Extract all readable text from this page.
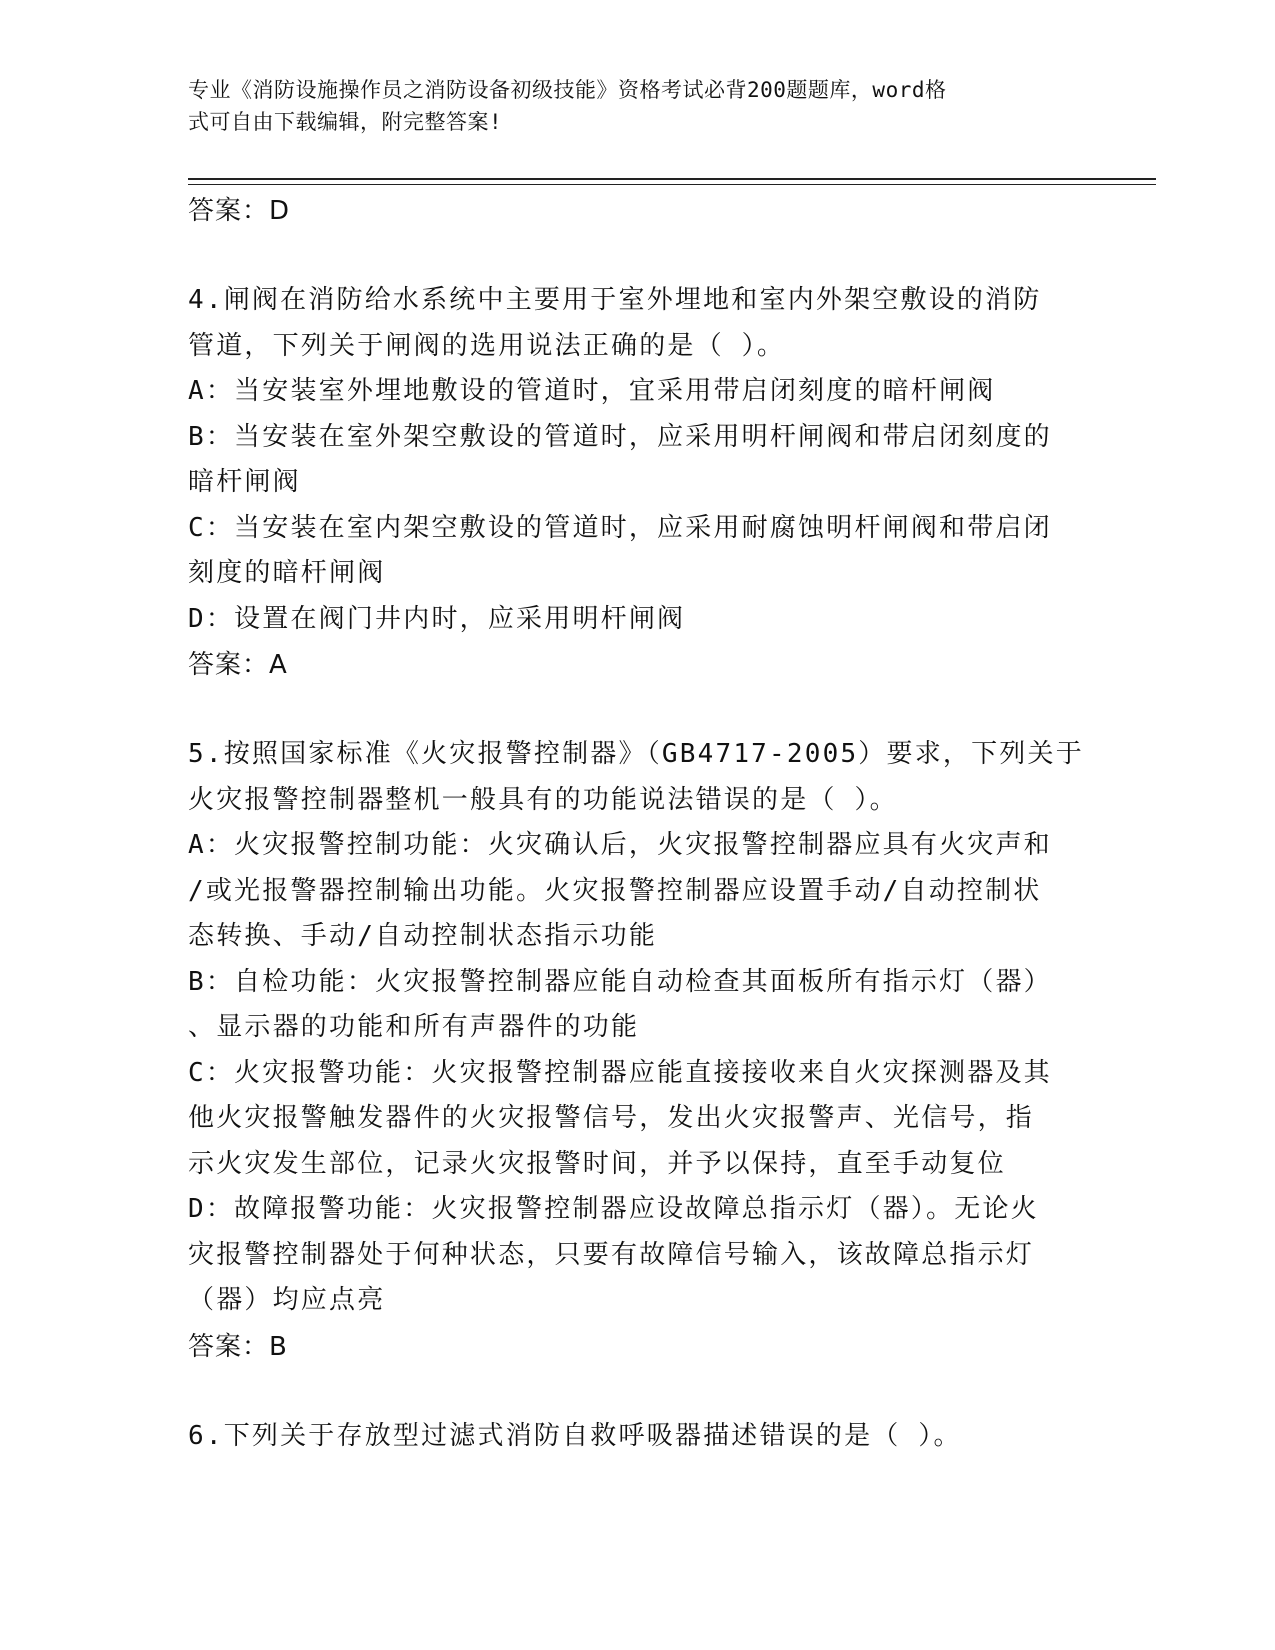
专业《消防设施操作员之消防设备初级技能》资格考试必背200题题库，word格
式可自由下载编辑，附完整答案!
答案：D

4.闸阀在消防给水系统中主要用于室外埋地和室内外架空敷设的消防

管道，下列关于闸阀的选用说法正确的是（ ）。

A：当安装室外埋地敷设的管道时，宜采用带启闭刻度的暗杆闸阀

B：当安装在室外架空敷设的管道时，应采用明杆闸阀和带启闭刻度的

暗杆闸阀

C：当安装在室内架空敷设的管道时，应采用耐腐蚀明杆闸阀和带启闭

刻度的暗杆闸阀

D：设置在阀门井内时，应采用明杆闸阀

答案：A

5.按照国家标准《火灾报警控制器》（GB4717-2005）要求，下列关于

火灾报警控制器整机一般具有的功能说法错误的是（ ）。

A：火灾报警控制功能：火灾确认后，火灾报警控制器应具有火灾声和

/或光报警器控制输出功能。火灾报警控制器应设置手动/自动控制状

态转换、手动/自动控制状态指示功能

B：自检功能：火灾报警控制器应能自动检查其面板所有指示灯（器）

、显示器的功能和所有声器件的功能

C：火灾报警功能：火灾报警控制器应能直接接收来自火灾探测器及其

他火灾报警触发器件的火灾报警信号，发出火灾报警声、光信号，指

示火灾发生部位，记录火灾报警时间，并予以保持，直至手动复位

D：故障报警功能：火灾报警控制器应设故障总指示灯（器）。无论火

灾报警控制器处于何种状态，只要有故障信号输入，该故障总指示灯

（器）均应点亮

答案：B

6.下列关于存放型过滤式消防自救呼吸器描述错误的是（ ）。
